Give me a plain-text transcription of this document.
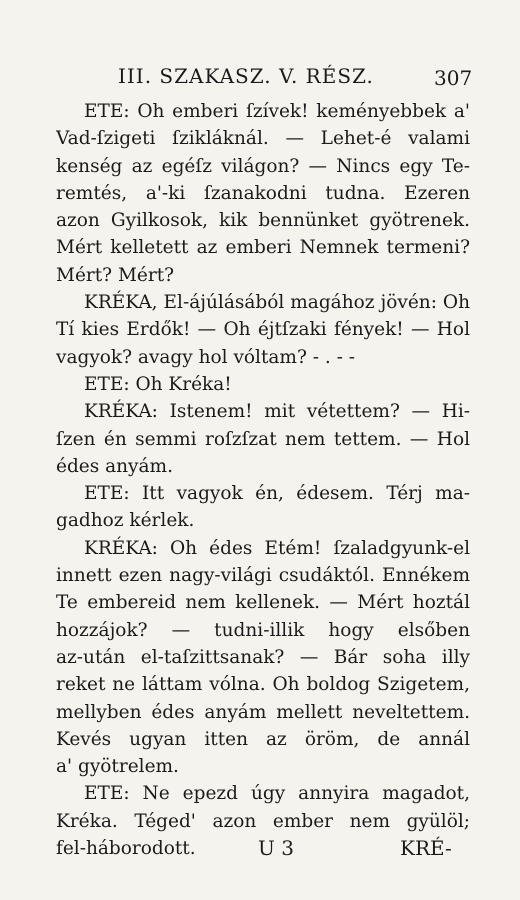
III. SZAKASZ. V. RÉSZ.	307
ETE: Oh emberi ſzívek! keményebbek a'
Vad-ſzigeti ſzikláknál. — Lehet-é valami
kenség az egéſz világon? — Nincs egy Te-
remtés, a'-ki ſzanakodni tudna. Ezeren
azon Gyilkosok, kik bennünket gyötrenek.
Mért kelletett az emberi Nemnek termeni?
Mért? Mért?
KRÉKA, El-ájúlásából magához jövén: Oh
Tí kies Erdők! — Oh éjtſzaki fények! — Hol
vagyok? avagy hol vóltam? - . - -
ETE: Oh Kréka!
KRÉKA: Istenem! mit vétettem? — Hi-
ſzen én semmi roſzſzat nem tettem. — Hol
édes anyám.
ETE: Itt vagyok én, édesem. Térj ma-
gadhoz kérlek.
KRÉKA: Oh édes Etém! ſzaladgyunk-el
innett ezen nagy-világi csudáktól. Ennékem
Te embereid nem kellenek. — Mért hoztál
hozzájok? — tudni-illik hogy elsőben
az-után el-taſzittsanak? — Bár soha illy
reket ne láttam vólna. Oh boldog Szigetem,
mellyben édes anyám mellett neveltettem.
Kevés ugyan itten az öröm, de annál
a' gyötrelem.
ETE: Ne epezd úgy annyira magadot,
Kréka. Téged' azon ember nem gyülöl;
fel-háborodott.	U 3	KRÉ-
